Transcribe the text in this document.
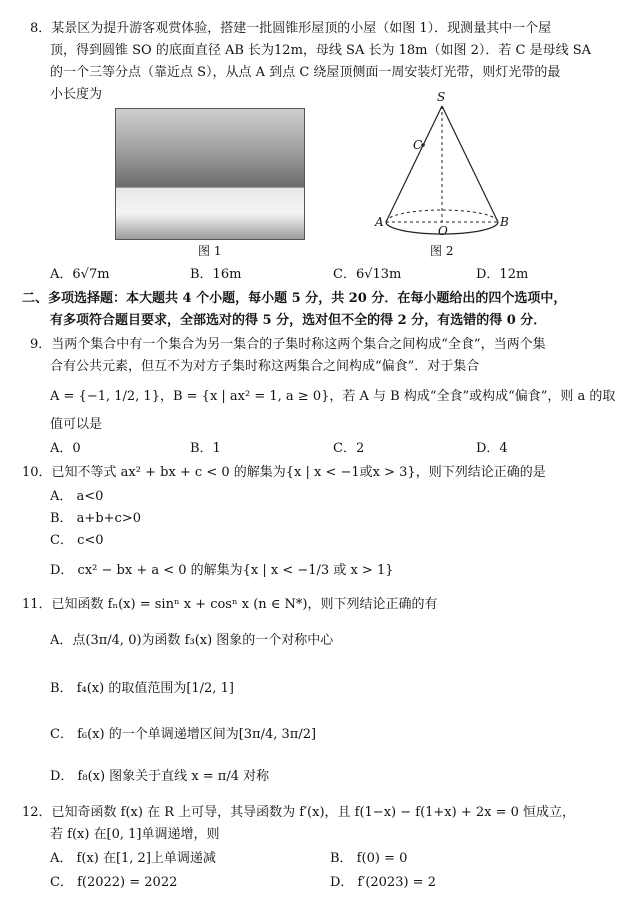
8．某景区为提升游客观赏体验，搭建一批圆锥形屋顶的小屋（如图 1）．现测量其中一个屋
顶，得到圆锥 SO 的底面直径 AB 长为12m，母线 SA 长为 18m（如图 2）．若 C 是母线 SA
的一个三等分点（靠近点 S），从点 A 到点 C 绕屋顶侧面一周安装灯光带，则灯光带的最
小长度为
图 1
S
C
A	B
O
图 2
A．6√7m	B．16m	C．6√13m	D．12m
二、多项选择题：本大题共 4 个小题，每小题 5 分，共 20 分．在每小题给出的四个选项中，
有多项符合题目要求，全部选对的得 5 分，选对但不全的得 2 分，有选错的得 0 分．
9．当两个集合中有一个集合为另一集合的子集时称这两个集合之间构成“全食”，当两个集
合有公共元素，但互不为对方子集时称这两集合之间构成“偏食”．对于集合
A = {−1, 1/2, 1}，B = {x | ax² = 1, a ≥ 0}，若 A 与 B 构成“全食”或构成“偏食”，则 a 的取
值可以是
A．0	B．1	C．2	D．4
10．已知不等式 ax² + bx + c < 0 的解集为{x | x < −1或x > 3}，则下列结论正确的是
A． a<0
B． a+b+c>0
C． c<0
D． cx² − bx + a < 0 的解集为{x | x < −1/3 或 x > 1}
11．已知函数 fₙ(x) = sinⁿ x + cosⁿ x (n ∈ N*)，则下列结论正确的有
A．点(3π/4, 0)为函数 f₃(x) 图象的一个对称中心
B． f₄(x) 的取值范围为[1/2, 1]
C． f₆(x) 的一个单调递增区间为[3π/4, 3π/2]
D． f₈(x) 图象关于直线 x = π/4 对称
12．已知奇函数 f(x) 在 R 上可导，其导函数为 f′(x)，且 f(1−x) − f(1+x) + 2x = 0 恒成立，
若 f(x) 在[0, 1]单调递增，则
A． f(x) 在[1, 2]上单调递减	B． f(0) = 0
C． f(2022) = 2022	D． f′(2023) = 2
